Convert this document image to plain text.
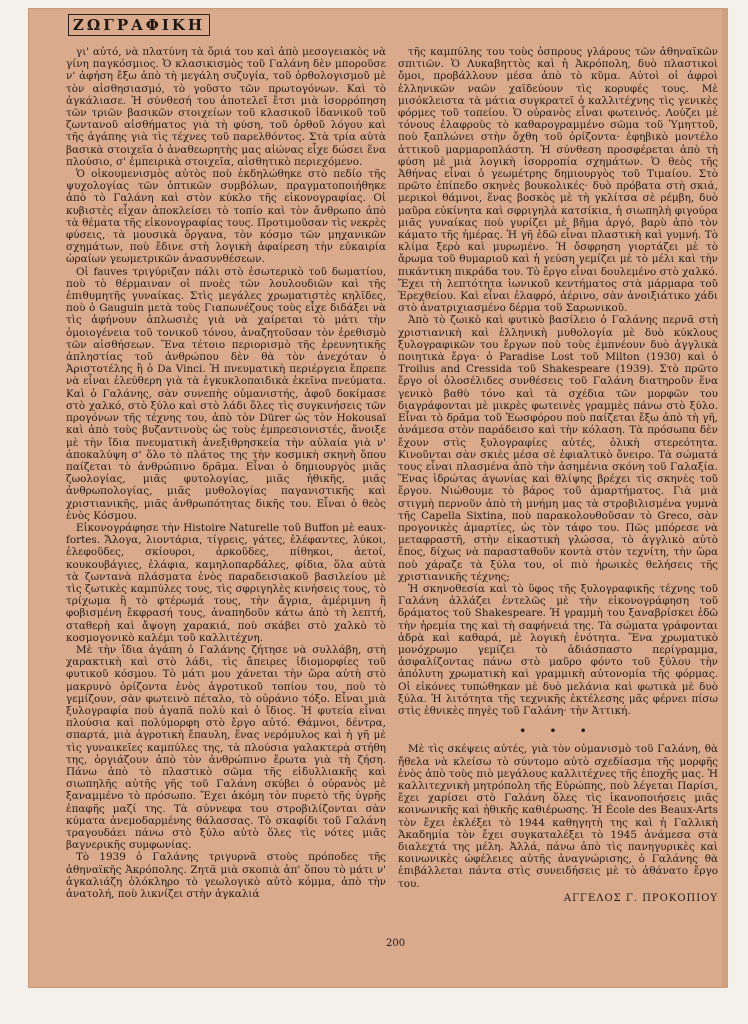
ΖΩΓΡΑΦΙΚΗ

γι' αὐτό, νὰ πλατύνη τὰ ὅριά του καὶ ἀπὸ μεσογειακὸς νὰ γίνη παγκόσμιος. Ὁ κλασικισμὸς τοῦ Γαλάνη δὲν μποροῦσε ν' ἀφήση ἔξω ἀπὸ τὴ μεγάλη συζυγία, τοῦ ὀρθολογισμοῦ μὲ τὸν αἰσθησιασμό, τὸ γοῦστο τῶν πρωτογόνων. Καὶ τὸ ἀγκάλιασε. Ἡ σύνθεσή του ἀποτελεῖ ἔτσι μιὰ ἰσορρόπηση τῶν τριῶν βασικῶν στοιχείων τοῦ κλασικοῦ ἰδανικοῦ τοῦ ζωντανοῦ αἰσθήματος γιὰ τὴ φύση, τοῦ ὀρθοῦ λόγου καὶ τῆς ἀγάπης γιὰ τὶς τέχνες τοῦ παρελθόντος. Στὰ τρία αὐτὰ βασικὰ στοιχεῖα ὁ ἀναθεωρητὴς μας αἰώνας εἶχε δώσει ἕνα πλούσιο, σ' ἐμπειρικὰ στοιχεῖα, αἰσθητικὸ περιεχόμενο.

Ὁ οἰκουμενισμὸς αὐτὸς ποὺ ἐκδηλώθηκε στὸ πεδίο τῆς ψυχολογίας τῶν ὀπτικῶν συμβόλων, πραγματοποιήθηκε ἀπὸ τὸ Γαλάνη καὶ στὸν κύκλο τῆς εἰκονογραφίας. Οἱ κυβιστὲς εἶχαν ἀποκλείσει τὸ τοπίο καὶ τὸν ἄνθρωπο ἀπὸ τὰ θέματα τῆς εἰκονογραφίας τους. Προτιμοῦσαν τὶς νεκρὲς φύσεις, τὰ μουσικὰ ὄργανα, τὸν κόσμο τῶν μηχανικῶν σχημάτων, ποὺ ἔδινε στὴ λογικὴ ἀφαίρεση τὴν εὐκαιρία ὡραίων γεωμετρικῶν ἀνασυνθέσεων.

Οἱ fauves τριγύριζαν πάλι στὸ ἐσωτερικὸ τοῦ δωματίου, ποὺ τὸ θέρμαιναν οἱ πνοὲς τῶν λουλουδιῶν καὶ τῆς ἐπιθυμητῆς γυναίκας. Στὶς μεγάλες χρωματιστὲς κηλῖδες, ποὺ ὁ Gauguin μετὰ τοὺς Γιαπωνέζους τοὺς εἶχε διδάξει νὰ τὶς ἀφήνουν ἁπλωσιὲς γιὰ νὰ χαίρεται τὸ μάτι τὴν ὁμοιογένεια τοῦ τονικοῦ τόνου, ἀναζητοῦσαν τὸν ἐρεθισμὸ τῶν αἰσθήσεων. Ἕνα τέτοιο περιορισμὸ τῆς ἐρευνητικῆς ἀπληστίας τοῦ ἀνθρώπου δὲν θὰ τὸν ἀνεχόταν ὁ Ἀριστοτέλης ἢ ὁ Da Vinci. Ἡ πνευματικὴ περιέργεια ἔπρεπε νὰ εἶναι ἐλεύθερη γιὰ τὰ ἐγκυκλοπαιδικὰ ἐκεῖνα πνεύματα. Καὶ ὁ Γαλάνης, σὰν συνεπὴς οὑμανιστής, ἀφοῦ δοκίμασε στὸ χαλκό, στὸ ξύλο καὶ στὸ λάδι ὅλες τὶς συγκινήσεις τῶν προγόνων τῆς τέχνης του, ἀπὸ τὸν Dürer ὡς τὸν Hokousaï καὶ ἀπὸ τοὺς βυζαντινοὺς ὡς τοὺς ἐμπρεσιονιστές, ἄνοιξε μὲ τὴν ἴδια πνευματικὴ ἀνεξιθρησκεία τὴν αὐλαία γιὰ ν' ἀποκαλύψη σ' ὅλο τὸ πλάτος της τὴν κοσμικὴ σκηνὴ ὅπου παίζεται τὸ ἀνθρώπινο δρᾶμα. Εἶναι ὁ δημιουργὸς μιᾶς ζωολογίας, μιᾶς φυτολογίας, μιᾶς ἠθικῆς, μιᾶς ἀνθρωπολογίας, μιᾶς μυθολογίας παγανιστικῆς καὶ χριστιανικῆς, μιᾶς ἀνθρωπότητας δικῆς του. Εἶναι ὁ θεὸς ἑνὸς Κόσμου.

Εἰκονογράφησε τὴν Histoire Naturelle τοῦ Buffon μὲ eaux-fortes. Ἄλογα, λιοντάρια, τίγρεις, γάτες, ἐλέφαντες, λύκοι, ἐλεφοῦδες, σκίουροι, ἀρκοῦδες, πίθηκοι, ἀετοί, κουκουβάγιες, ἐλάφια, καμηλοπαρδάλες, φίδια, ὅλα αὐτὰ τὰ ζωντανὰ πλάσματα ἑνὸς παραδεισιακοῦ βασιλείου μὲ τὶς ζωτικὲς καμπύλες τους, τὶς σφριγηλὲς κινήσεις τους, τὸ τρίχωμα ἢ τὸ φτέρωμά τους, τὴν ἄγρια, ἀμέριμνη ἢ φοβισμένη ἔκφρασή τους, ἀναπηδοῦν κάτω ἀπὸ τὴ λεπτή, σταθερὴ καὶ ἄψογη χαρακιά, ποὺ σκάβει στὸ χαλκὸ τὸ κοσμογονικὸ καλέμι τοῦ καλλιτέχνη.

Μὲ τὴν ἴδια ἀγάπη ὁ Γαλάνης ζήτησε νὰ συλλάβη, στὴ χαρακτικὴ καὶ στὸ λάδι, τὶς ἄπειρες ἰδιομορφίες τοῦ φυτικοῦ κόσμου. Τὸ μάτι μου χάνεται τὴν ὥρα αὐτὴ στὸ μακρυνὸ ὁρίζοντα ἑνὸς ἀγροτικοῦ τοπίου του, ποὺ τὸ γεμίζουν, σὰν φωτεινὸ πέταλο, τὸ οὐράνιο τόξο. Εἶναι μιὰ ξυλογραφία ποὺ ἀγαπᾶ πολὺ καὶ ὁ ἴδιος. Ἡ φυτεία εἶναι πλούσια καὶ πολύμορφη στὸ ἔργο αὐτό. Θάμνοι, δέντρα, σπαρτά, μιὰ ἀγροτικὴ ἔπαυλη, ἕνας νερόμυλος καὶ ἡ γῆ μὲ τὶς γυναικεῖες καμπύλες της, τὰ πλούσια γαλακτερὰ στήθη της, ὀργιάζουν ἀπὸ τὸν ἀνθρώπινο ἔρωτα γιὰ τὴ ζήση. Πάνω ἀπὸ τὸ πλαστικὸ σῶμα τῆς εἰδυλλιακῆς καὶ σιωπηλῆς αὐτῆς γῆς τοῦ Γαλάνη σκύβει ὁ οὐρανὸς μὲ ξαναμμένο τὸ πρόσωπο. Ἔχει ἀκόμη τὸν πυρετὸ τῆς ὑγρῆς ἐπαφῆς μαζί της. Τὰ σύννεφα του στροβιλίζονται σὰν κύματα ἀνεμοδαρμένης θάλασσας. Τὸ σκαφίδι τοῦ Γαλάνη τραγουδάει πάνω στὸ ξύλο αὐτὸ ὅλες τὶς νότες μιᾶς βαγνερικῆς συμφωνίας.

Τὸ 1939 ὁ Γαλάνης τριγυρνᾶ στοὺς πρόποδες τῆς ἀθηναϊκῆς Ἀκρόπολης. Ζητᾶ μιὰ σκοπιὰ ἀπ' ὅπου τὸ μάτι ν' ἀγκαλιάζη ὁλόκληρο τὸ γεωλογικὸ αὐτὸ κόμμα, ἀπὸ τὴν ἀνατολή, ποὺ λικνίζει στὴν ἀγκαλιά

τῆς καμπύλης του τοὺς ὁσπρους γλάρους τῶν ἀθηναϊκῶν σπιτιῶν. Ὁ Λυκαβηττὸς καὶ ἡ Ἀκρόπολη, δυὸ πλαστικοὶ ὄμοι, προβάλλουν μέσα ἀπὸ τὸ κῦμα. Αὐτοὶ οἱ ἀφροὶ ἑλληνικῶν ναῶν χαϊδεύουν τὶς κορυφές τους. Μὲ μισόκλειστα τὰ μάτια συγκρατεῖ ὁ καλλιτέχνης τὶς γενικὲς φόρμες τοῦ τοπείου. Ὁ οὐρανὸς εἶναι φωτεινός. Λούζει μὲ τόνους ἐλαφροὺς τὸ καθαρογραμμένο σῶμα τοῦ Ὑμηττοῦ, ποὺ ξαπλώνει στὴν ὄχθη τοῦ ὁρίζοντα· ἐφηβικὸ μοντέλο ἀττικοῦ μαρμαροπλάστη. Ἡ σύνθεση προσφέρεται ἀπὸ τὴ φύση μὲ μιὰ λογικὴ ἰσορροπία σχημάτων. Ὁ θεὸς τῆς Ἀθήνας εἶναι ὁ γεωμέτρης δημιουργὸς τοῦ Τιμαίου. Στὸ πρῶτο ἐπίπεδο σκηνὲς βουκολικές· δυὸ πρόβατα στὴ σκιά, μερικοὶ θάμνοι, ἕνας βοσκὸς μὲ τὴ γκλίτσα σὲ ρέμβη, δυὸ μαῦρα εὐκίνητα καὶ σφριγηλὰ κατσίκια, ἡ σιωπηλὴ φιγούρα μιᾶς γυναίκας ποὺ γυρίζει μὲ βῆμα ἀργό, βαρὺ ἀπὸ τὸν κάματο τῆς ἡμέρας. Ἡ γῆ ἐδῶ εἶναι πλαστικὴ καὶ γυμνή. Τὸ κλίμα ξερὸ καὶ μυρωμένο. Ἡ ὄσφρηση γιορτάζει μὲ τὸ ἄρωμα τοῦ θυμαριοῦ καὶ ἡ γεύση γεμίζει μὲ τὸ μέλι καὶ τὴν πικάντικη πικράδα του. Τὸ ἔργο εἶναι δουλεμένο στὸ χαλκό. Ἔχει τὴ λεπτότητα ἰωνικοῦ κεντήματος στὰ μάρμαρα τοῦ Ἐρεχθείου. Καὶ εἶναι ἐλαφρό, ἀέρινο, σὰν ἀνοιξιάτικο χάδι στὸ ἀνατριχιασμένο δέρμα τοῦ Σαρωνικοῦ.

Ἀπὸ τὸ ζωικὸ καὶ φυτικὸ βασίλειο ὁ Γαλάνης περνᾶ στὴ χριστιανικὴ καὶ ἑλληνικὴ μυθολογία μὲ δυὸ κύκλους ξυλογραφικῶν του ἔργων ποὺ τοὺς ἐμπνέουν δυὸ ἀγγλικὰ ποιητικὰ ἔργα· ὁ Paradise Lost τοῦ Milton (1930) καὶ ὁ Troilus and Cressida τοῦ Shakespeare (1939). Στὸ πρῶτο ἔργο οἱ ὁλοσέλιδες συνθέσεις τοῦ Γαλάνη διατηροῦν ἕνα γενικὸ βαθὺ τόνο καὶ τὰ σχέδια τῶν μορφῶν του διαγράφονται μὲ μικρὲς φωτεινὲς γραμμὲς πάνω στὸ ξύλο. Εἶναι τὸ δρᾶμα τοῦ Ἐωσφόρου ποὺ παίζεται ἔξω ἀπὸ τὴ γῆ, ἀνάμεσα στὸν παράδεισο καὶ τὴν κόλαση. Τὰ πρόσωπα δὲν ἔχουν στὶς ξυλογραφίες αὐτές, ὁλικὴ στερεότητα. Κινοῦνται σὰν σκιὲς μέσα σὲ ἐφιαλτικὸ ὄνειρο. Τὰ σώματά τους εἶναι πλασμένα ἀπὸ τὴν ἀσημένια σκόνη τοῦ Γαλαξία. Ἕνας ἱδρώτας ἀγωνίας καὶ θλίψης βρέχει τὶς σκηνὲς τοῦ ἔργου. Νιώθουμε τὸ βάρος τοῦ ἁμαρτήματος. Γιὰ μιὰ στιγμὴ περνοῦν ἀπὸ τὴ μνήμη μας τὰ στροβιλισμένα γυμνὰ τῆς Capella Sixtina, ποὺ παρακολουθοῦσαν τὸ Greco, σὰν προγονικὲς ἁμαρτίες, ὡς τὸν τάφο του. Πῶς μπόρεσε νὰ μεταφραστῆ, στὴν εἰκαστικὴ γλώσσα, τὸ ἀγγλικὸ αὐτὸ ἔπος, δίχως νὰ παρασταθοῦν κοντὰ στὸν τεχνίτη, τὴν ὥρα ποὺ χάραζε τὰ ξύλα του, οἱ πιὸ ἡρωικὲς θελήσεις τῆς χριστιανικῆς τέχνης;

Ἡ σκηνοθεσία καὶ τὸ ὕφος τῆς ξυλογραφικῆς τέχνης τοῦ Γαλάνη ἀλλάζει ἐντελῶς μὲ τὴν εἰκονογράφηση τοῦ δράματος τοῦ Shakespeare. Ἡ γραμμὴ του ξαναβρίσκει ἐδῶ τὴν ἠρεμία της καὶ τὴ σαφήνειά της. Τὰ σώματα γράφονται ἁδρὰ καὶ καθαρά, μὲ λογικὴ ἑνότητα. Ἕνα χρωματικὸ μονόχρωμο γεμίζει τὸ ἀδιάσπαστο περίγραμμα, ἀσφαλίζοντας πάνω στὸ μαῦρο φόντο τοῦ ξύλου τὴν ἀπόλυτη χρωματικὴ καὶ γραμμικὴ αὐτονομία τῆς φόρμας. Οἱ εἰκόνες τυπώθηκαν μὲ δυὸ μελάνια καὶ φωτικὰ μὲ δυὸ ξύλα. Ἡ λιτότητα τῆς τεχνικῆς ἐκτέλεσης μᾶς φέρνει πίσω στὶς ἐθνικὲς πηγὲς τοῦ Γαλάνη· τὴν Ἀττική.

• • •

Μὲ τὶς σκέψεις αὐτές, γιὰ τὸν οὐμανισμὸ τοῦ Γαλάνη, θὰ ἤθελα νὰ κλείσω τὸ σύντομο αὐτὸ σχεδίασμα τῆς μορφῆς ἑνὸς ἀπὸ τοὺς πιὸ μεγάλους καλλιτέχνες τῆς ἐποχῆς μας. Ἡ καλλιτεχνικὴ μητρόπολη τῆς Εὐρώπης, ποὺ λέγεται Παρίσι, ἔχει χαρίσει στὸ Γαλάνη ὅλες τὶς ἱκανοποιήσεις μιᾶς κοινωνικῆς καὶ ἠθικῆς καθιέρωσης. Ἡ École des Beaux-Arts τὸν ἔχει ἐκλέξει τὸ 1944 καθηγητὴ της καὶ ἡ Γαλλικὴ Ἀκαδημία τὸν ἔχει συγκαταλέξει τὸ 1945 ἀνάμεσα στὰ διαλεχτά της μέλη. Ἀλλά, πάνω ἀπὸ τὶς πανηγυρικὲς καὶ κοινωνικὲς ὠφέλειες αὐτῆς ἀναγνώρισης, ὁ Γαλάνης θὰ ἐπιβάλλεται πάντα στὶς συνειδήσεις μὲ τὸ ἀθάνατο ἔργο του.

ΑΓΓΕΛΟΣ Γ. ΠΡΟΚΟΠΙΟΥ
200
